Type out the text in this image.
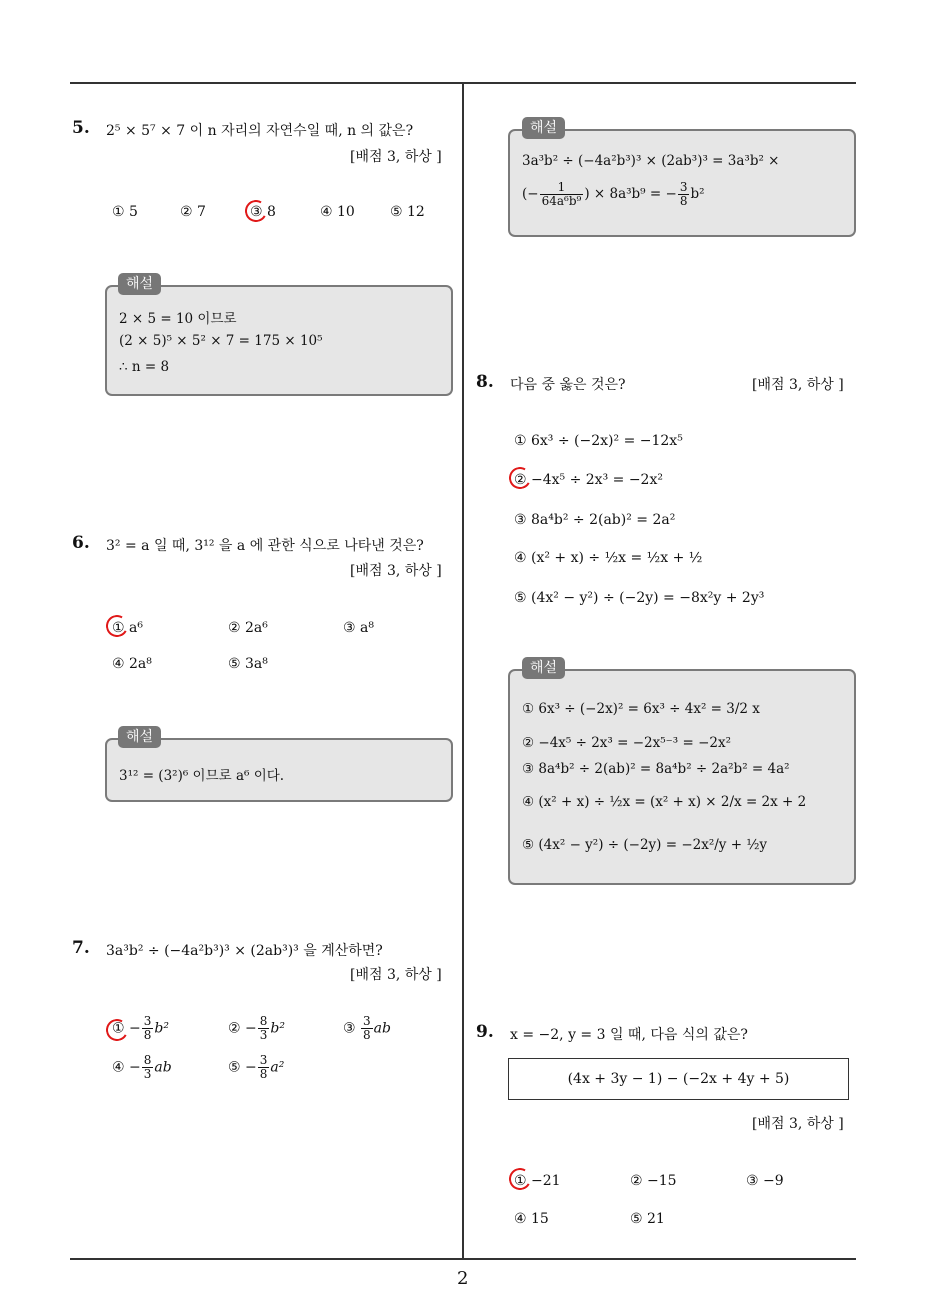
5. 2⁵ × 5⁷ × 7 이 n 자리의 자연수일 때, n 의 값은?
[배점 3, 하상 ]
① 5	② 7	③ 8	④ 10	⑤ 12
2 × 5 = 10 이므로
(2 × 5)⁵ × 5² × 7 = 175 × 10⁵
∴ n = 8
해설
6. 3² = a 일 때, 3¹² 을 a 에 관한 식으로 나타낸 것은?
[배점 3, 하상 ]
① a⁶	② 2a⁶	③ a⁸
④ 2a⁸	⑤ 3a⁸
3¹² = (3²)⁶ 이므로 a⁶ 이다.
해설
7. 3a³b² ÷ (−4a²b³)³ × (2ab³)³ 을 계산하면?
[배점 3, 하상 ]
① − $\frac{3}{8} b^2$	② − $\frac{8}{3} b^2$	③ $\frac{3}{8}$ ab
④ − $\frac{8}{3}$ ab	⑤ − $\frac{3}{8} a^2$
3a³b² ÷ (−4a²b³)³ × (2ab³)³ = 3a³b² ×
(− $\frac{1}{\text{64a⁶b⁹}}$ ) × 8a³b⁹ = − $\frac{3}{8} b^2$
해설
8. 다음 중 옳은 것은?	[배점 3, 하상 ]
① 6x³ ÷ (−2x)² = −12x⁵
② −4x⁵ ÷ 2x³ = −2x²
③ 8a⁴b² ÷ 2(ab)² = 2a²
④ (x² + x) ÷ ½x = ½x + ½
⑤ (4x² − y²) ÷ (−2y) = −8x²y + 2y³
① 6x³ ÷ (−2x)² = 6x³ ÷ 4x² = 3/2 x
② −4x⁵ ÷ 2x³ = −2x⁵⁻³ = −2x²
③ 8a⁴b² ÷ 2(ab)² = 8a⁴b² ÷ 2a²b² = 4a²
④ (x² + x) ÷ ½x = (x² + x) × 2/x = 2x + 2
⑤ (4x² − y²) ÷ (−2y) = −2x²/y + ½y
해설
9. x = −2, y = 3 일 때, 다음 식의 값은?
(4x + 3y − 1) − (−2x + 4y + 5)
[배점 3, 하상 ]
① −21	② −15	③ −9
④ 15	⑤ 21
2
